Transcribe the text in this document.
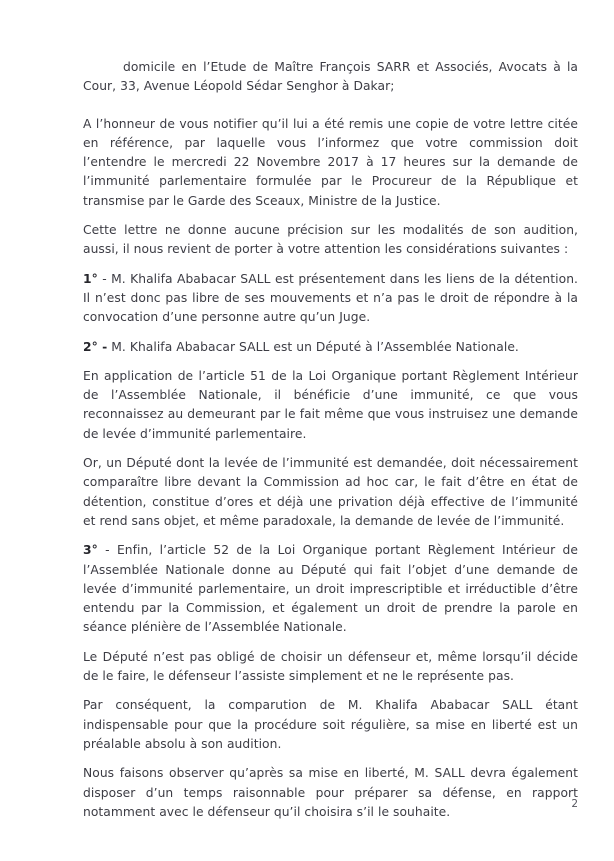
domicile en l’Etude de Maître François SARR et Associés, Avocats à la Cour, 33, Avenue Léopold Sédar Senghor à Dakar;

A l’honneur de vous notifier qu’il lui a été remis une copie de votre lettre citée en référence, par laquelle vous l’informez que votre commission doit l’entendre le mercredi 22 Novembre 2017 à 17 heures sur la demande de l’immunité parlementaire formulée par le Procureur de la République et transmise par le Garde des Sceaux, Ministre de la Justice.

Cette lettre ne donne aucune précision sur les modalités de son audition, aussi, il nous revient de porter à votre attention les considérations suivantes :

1° - M. Khalifa Ababacar SALL est présentement dans les liens de la détention. Il n’est donc pas libre de ses mouvements et n’a pas le droit de répondre à la convocation d’une personne autre qu’un Juge.

2° - M. Khalifa Ababacar SALL est un Député à l’Assemblée Nationale.

En application de l’article 51 de la Loi Organique portant Règlement Intérieur de l’Assemblée Nationale, il bénéficie d’une immunité, ce que vous reconnaissez au demeurant par le fait même que vous instruisez une demande de levée d’immunité parlementaire.

Or, un Député dont la levée de l’immunité est demandée, doit nécessairement comparaître libre devant la Commission ad hoc car, le fait d’être en état de détention, constitue d’ores et déjà une privation déjà effective de l’immunité et rend sans objet, et même paradoxale, la demande de levée de l’immunité.

3° - Enfin, l’article 52 de la Loi Organique portant Règlement Intérieur de l’Assemblée Nationale donne au Député qui fait l’objet d’une demande de levée d’immunité parlementaire, un droit imprescriptible et irréductible d’être entendu par la Commission, et également un droit de prendre la parole en séance plénière de l’Assemblée Nationale.

Le Député n’est pas obligé de choisir un défenseur et, même lorsqu’il décide de le faire, le défenseur l’assiste simplement et ne le représente pas.

Par conséquent, la comparution de M. Khalifa Ababacar SALL étant indispensable pour que la procédure soit régulière, sa mise en liberté est un préalable absolu à son audition.

Nous faisons observer qu’après sa mise en liberté, M. SALL devra également disposer d’un temps raisonnable pour préparer sa défense, en rapport notamment avec le défenseur qu’il choisira s’il le souhaite.

2
